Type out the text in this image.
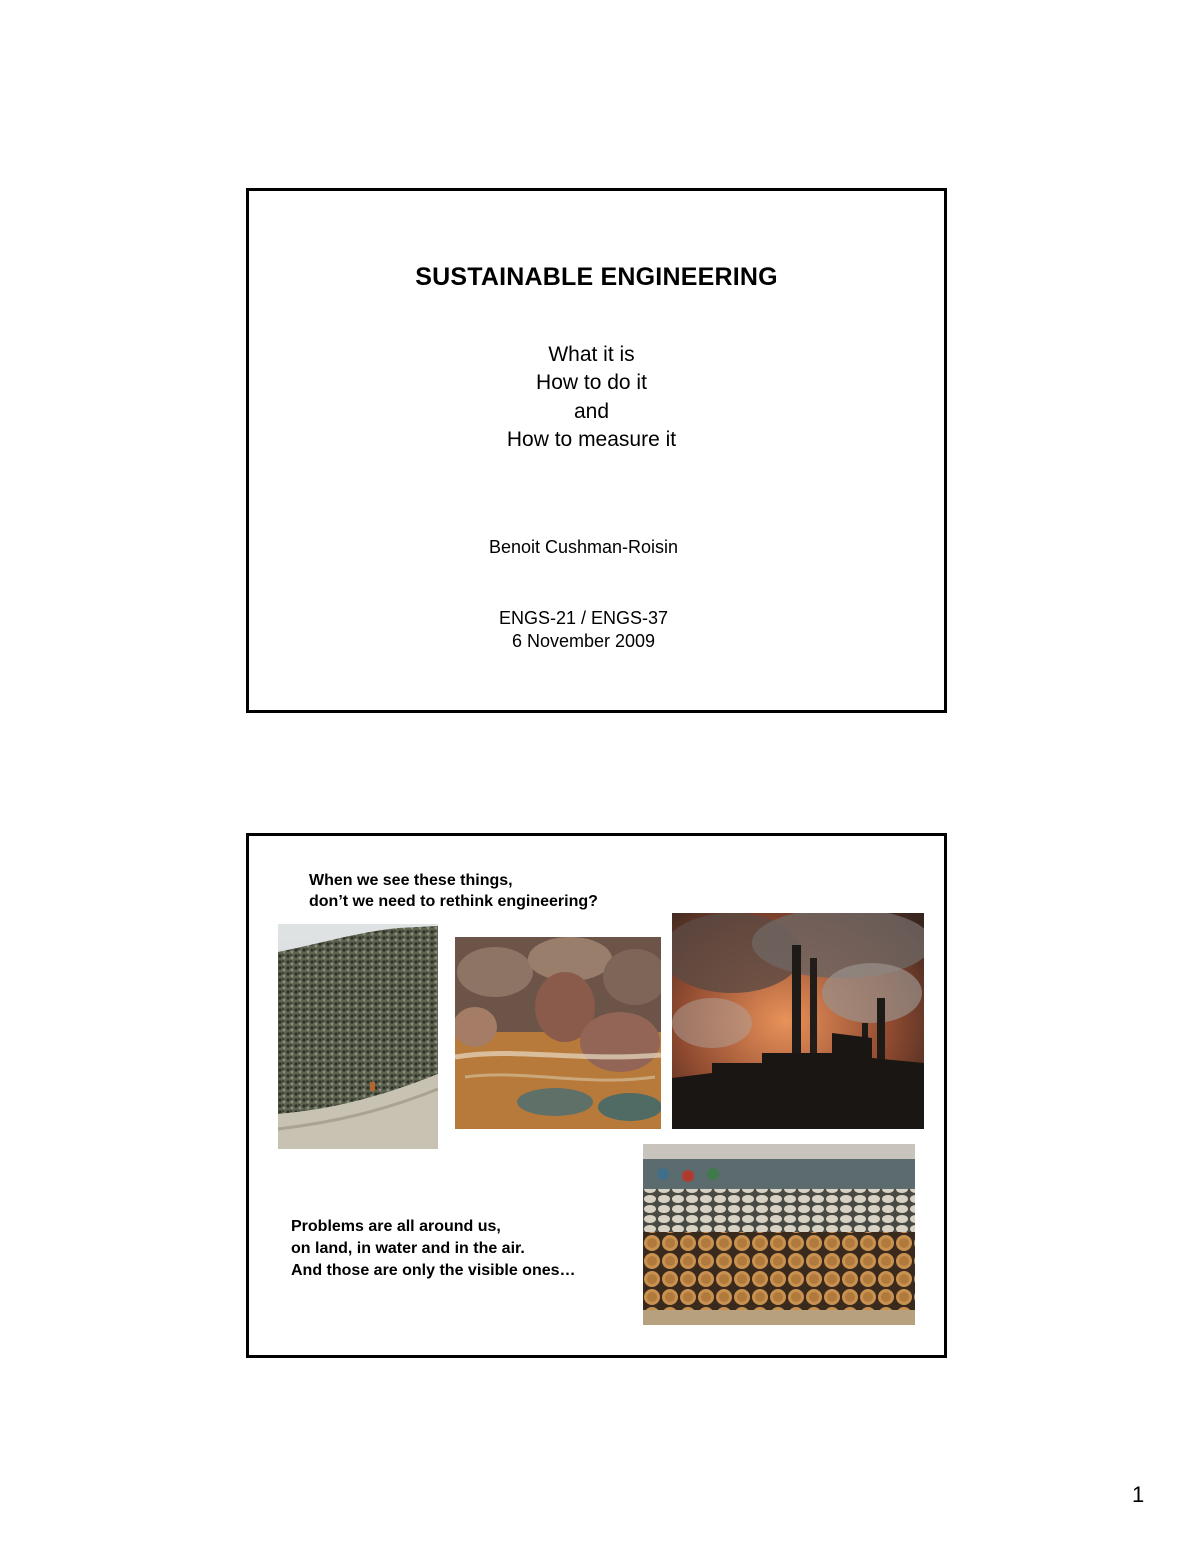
SUSTAINABLE ENGINEERING
What it is
How to do it
and
How to measure it
Benoit Cushman-Roisin
ENGS-21 / ENGS-37
6 November 2009
When we see these things,
don’t we need to rethink engineering?
Problems are all around us,
on land, in water and in the air.
And those are only the visible ones…
1
